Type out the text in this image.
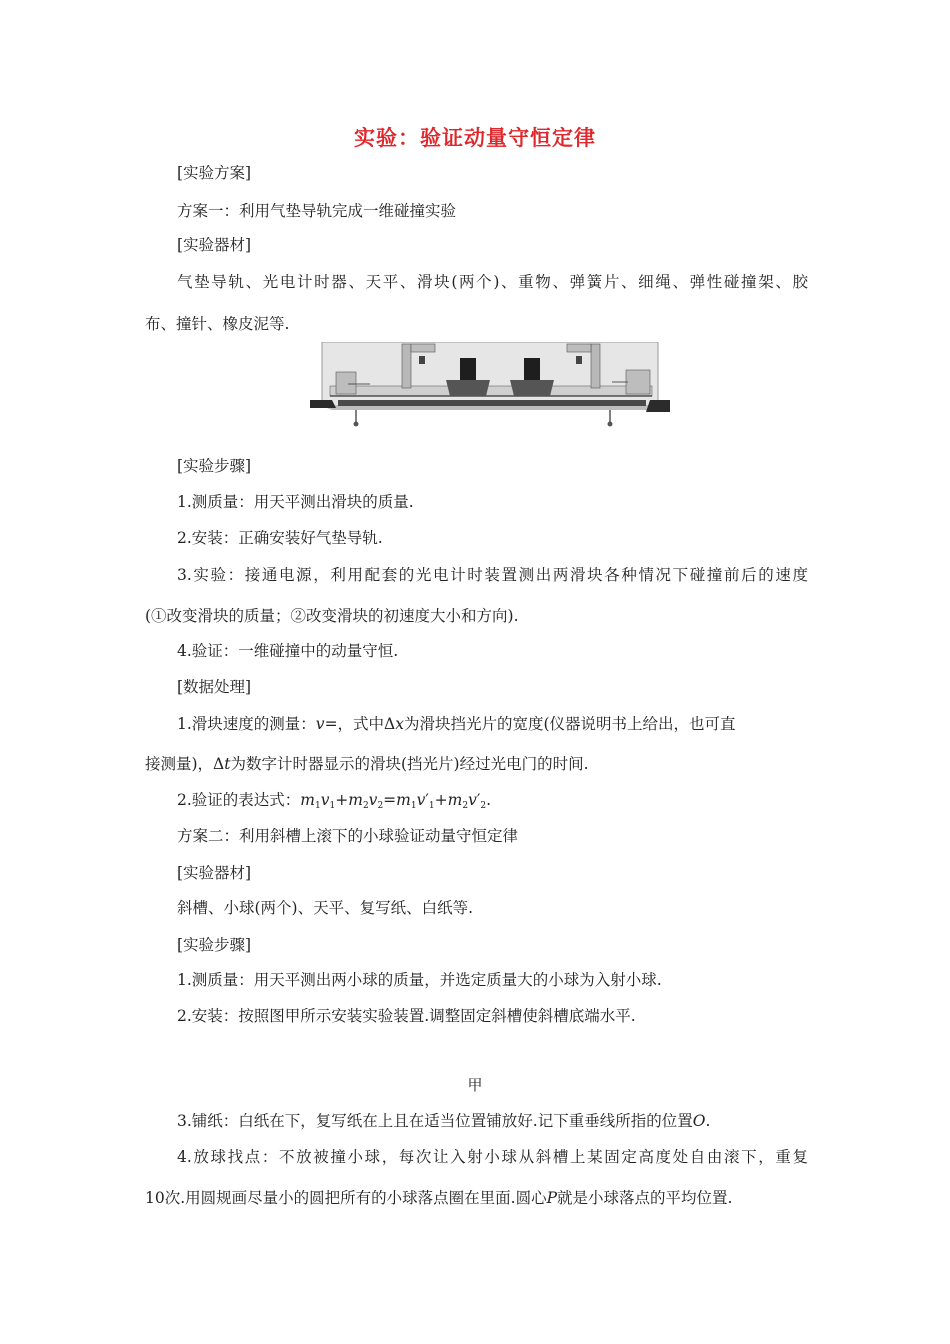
实验：验证动量守恒定律
[实验方案]
方案一：利用气垫导轨完成一维碰撞实验
[实验器材]
气垫导轨、光电计时器、天平、滑块(两个)、重物、弹簧片、细绳、弹性碰撞架、胶
布、撞针、橡皮泥等.
[实验步骤]
1.测质量：用天平测出滑块的质量.
2.安装：正确安装好气垫导轨.
3.实验：接通电源，利用配套的光电计时装置测出两滑块各种情况下碰撞前后的速度
(①改变滑块的质量；②改变滑块的初速度大小和方向).
4.验证：一维碰撞中的动量守恒.
[数据处理]
1.滑块速度的测量：v=，式中Δx为滑块挡光片的宽度(仪器说明书上给出，也可直
接测量)，Δt为数字计时器显示的滑块(挡光片)经过光电门的时间.
2.验证的表达式：$m_1v_1+m_2v_2=m_1v'_1+m_2v'_2$.
方案二：利用斜槽上滚下的小球验证动量守恒定律
[实验器材]
斜槽、小球(两个)、天平、复写纸、白纸等.
[实验步骤]
1.测质量：用天平测出两小球的质量，并选定质量大的小球为入射小球.
2.安装：按照图甲所示安装实验装置.调整固定斜槽使斜槽底端水平.
甲
3.铺纸：白纸在下，复写纸在上且在适当位置铺放好.记下重垂线所指的位置O.
4.放球找点：不放被撞小球，每次让入射小球从斜槽上某固定高度处自由滚下，重复
10次.用圆规画尽量小的圆把所有的小球落点圈在里面.圆心P就是小球落点的平均位置.
